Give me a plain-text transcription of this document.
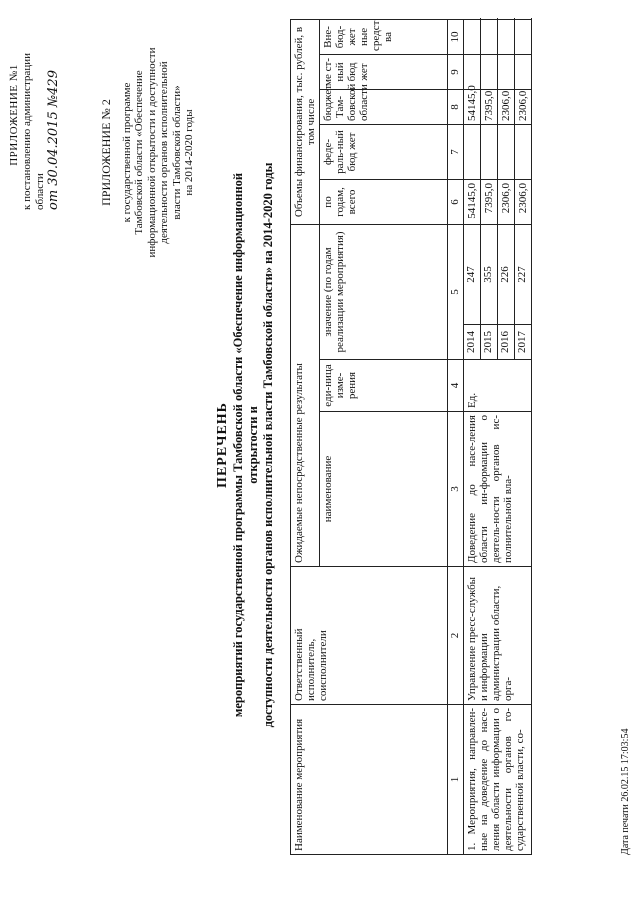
ПРИЛОЖЕНИЕ №1 к постановлению администрации области от 30.04.2015 №429	ПРИЛОЖЕНИЕ № 2 к государственной программе Тамбовской области «Обеспечение информационной открытости и доступности деятельности органов исполнительной власти Тамбовской области» на 2014-2020 годы
ПЕРЕЧЕНЬ мероприятий государственной программы Тамбовской области «Обеспечение информационной открытости и доступности деятельности органов исполнительной власти Тамбовской области» на 2014-2020 годы
Наименование мероприятия	Ответственный исполнитель, соисполнители	Ожидаемые непосредственные результаты				Объемы финансирования, тыс. рублей, в том числе				
		наименование	еди-ница изме-рения	значение (по годам реализации мероприятия)		по годам, всего	феде-раль-ный бюд жет	бюджет Там-бовской области	ме ст-ный бюд жет	Вне-бюд-жет ные средст ва
1	2	3	4	5		6	7	8	9	10
1. Мероприятия, направлен-ные на доведение до насе-ления области информации о деятельности органов го-сударственной власти, со-	Управление пресс-службы и информации администрации области, орга-	Доведение до насе-ления области ин-формации о деятель-ности органов ис-полнительной вла-	Ед.	2014	247	54145,0		54145,0		
				2015	355	7395,0		7395,0		
				2016	226	2306,0		2306,0		
				2017	227	2306,0		2306,0		
Дата печати 26.02.15 17:03:54
